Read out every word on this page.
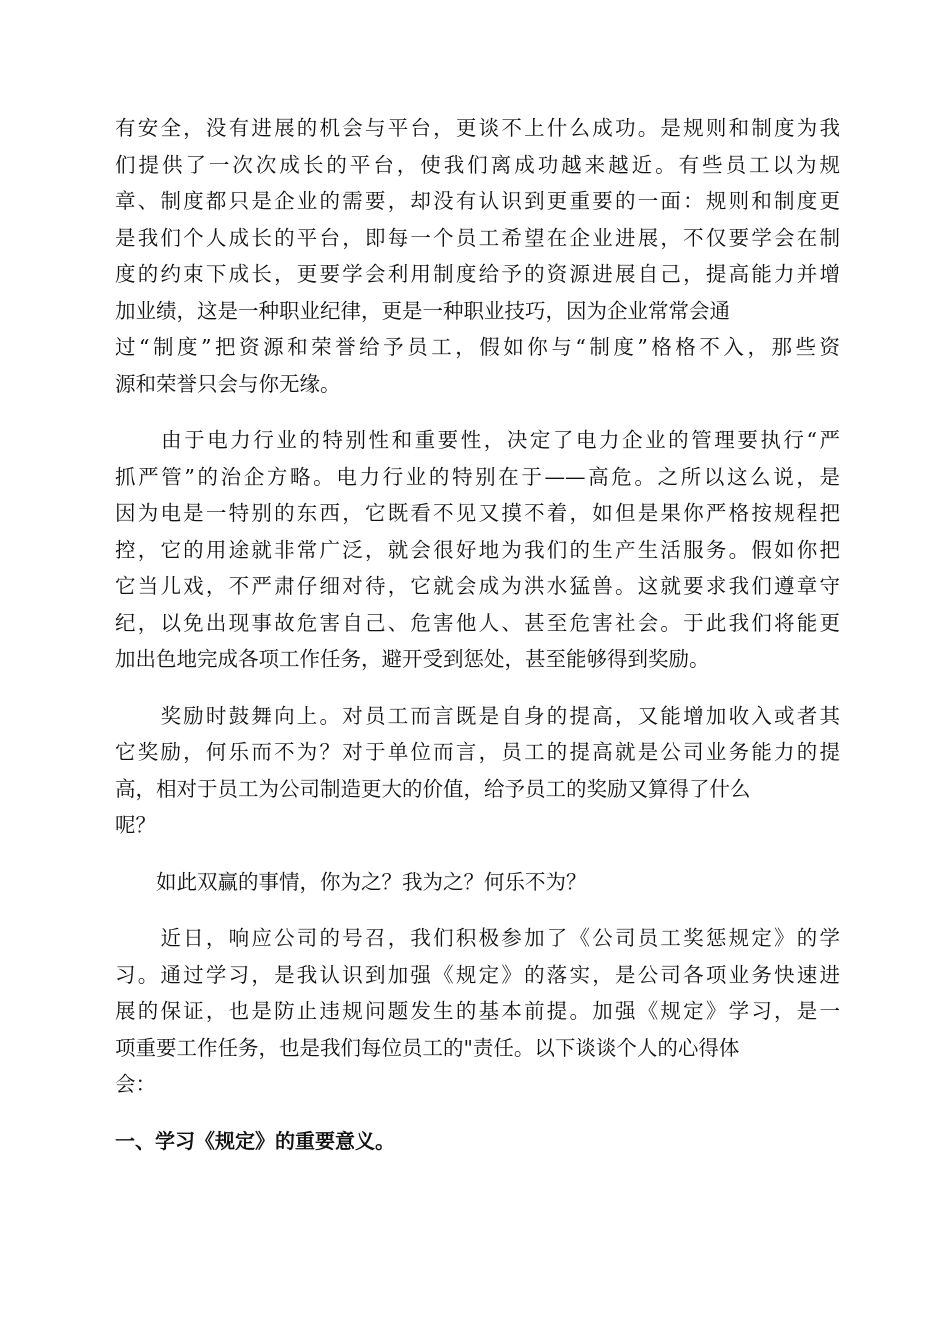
有安全，没有进展的机会与平台，更谈不上什么成功。是规则和制度为我
们提供了一次次成长的平台，使我们离成功越来越近。有些员工以为规
章、制度都只是企业的需要，却没有认识到更重要的一面：规则和制度更
是我们个人成长的平台，即每一个员工希望在企业进展，不仅要学会在制
度的约束下成长，更要学会利用制度给予的资源进展自己，提高能力并增
加业绩，这是一种职业纪律，更是一种职业技巧，因为企业常常会通
过“制度”把资源和荣誉给予员工，假如你与“制度”格格不入，那些资
源和荣誉只会与你无缘。
　　由于电力行业的特别性和重要性，决定了电力企业的管理要执行“严
抓严管”的治企方略。电力行业的特别在于——高危。之所以这么说，是
因为电是一特别的东西，它既看不见又摸不着，如但是果你严格按规程把
控，它的用途就非常广泛，就会很好地为我们的生产生活服务。假如你把
它当儿戏，不严肃仔细对待，它就会成为洪水猛兽。这就要求我们遵章守
纪，以免出现事故危害自己、危害他人、甚至危害社会。于此我们将能更
加出色地完成各项工作任务，避开受到惩处，甚至能够得到奖励。
　　奖励时鼓舞向上。对员工而言既是自身的提高，又能增加收入或者其
它奖励，何乐而不为？对于单位而言，员工的提高就是公司业务能力的提
高，相对于员工为公司制造更大的价值，给予员工的奖励又算得了什么
呢？
　　如此双赢的事情，你为之？我为之？何乐不为？
　　近日，响应公司的号召，我们积极参加了《公司员工奖惩规定》的学
习。通过学习，是我认识到加强《规定》的落实，是公司各项业务快速进
展的保证，也是防止违规问题发生的基本前提。加强《规定》学习，是一
项重要工作任务，也是我们每位员工的"责任。以下谈谈个人的心得体
会：
一、学习《规定》的重要意义。
